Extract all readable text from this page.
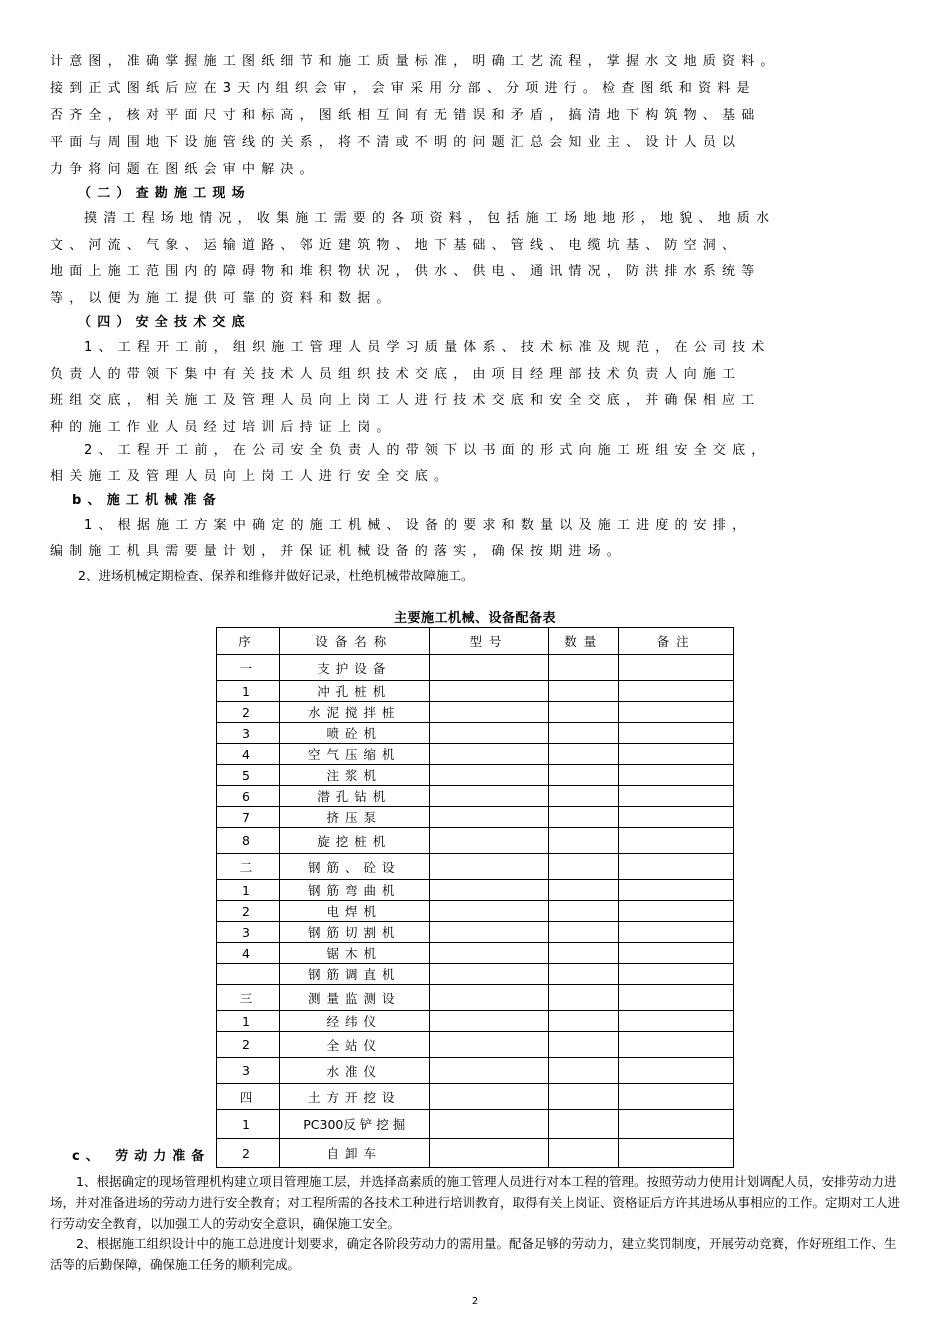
计意图，准确掌握施工图纸细节和施工质量标准，明确工艺流程，掌握水文地质资料。
接到正式图纸后应在3天内组织会审，会审采用分部、分项进行。检查图纸和资料是
否齐全，核对平面尺寸和标高，图纸相互间有无错误和矛盾，搞清地下构筑物、基础
平面与周围地下设施管线的关系，将不清或不明的问题汇总会知业主、设计人员以
力争将问题在图纸会审中解决。
（二）查勘施工现场
摸清工程场地情况，收集施工需要的各项资料，包括施工场地地形，地貌、地质水
文、河流、气象、运输道路、邻近建筑物、地下基础、管线、电缆坑基、防空洞、
地面上施工范围内的障碍物和堆积物状况，供水、供电、通讯情况，防洪排水系统等
等，以便为施工提供可靠的资料和数据。
（四）安全技术交底
1、工程开工前，组织施工管理人员学习质量体系、技术标准及规范，在公司技术
负责人的带领下集中有关技术人员组织技术交底，由项目经理部技术负责人向施工
班组交底，相关施工及管理人员向上岗工人进行技术交底和安全交底，并确保相应工
种的施工作业人员经过培训后持证上岗。
2、工程开工前，在公司安全负责人的带领下以书面的形式向施工班组安全交底，
相关施工及管理人员向上岗工人进行安全交底。
b、施工机械准备
1、根据施工方案中确定的施工机械、设备的要求和数量以及施工进度的安排，
编制施工机具需要量计划，并保证机械设备的落实，确保按期进场。
2、进场机械定期检查、保养和维修并做好记录，杜绝机械带故障施工。
主要施工机械、设备配备表
序	设备名称	型号	数量	备注
一	支护设备			
1	冲孔桩机			
2	水泥搅拌桩			
3	喷砼机			
4	空气压缩机			
5	注浆机			
6	潜孔钻机			
7	挤压泵			
8	旋挖桩机			
二	钢筋、砼设			
1	钢筋弯曲机			
2	电焊机			
3	钢筋切割机			
4	锯木机			
	钢筋调直机			
三	测量监测设			
1	经纬仪			
2	全站仪			
3	水准仪			
四	土方开挖设			
1	PC300反 铲 挖 掘			
2	自卸车			
c、 劳动力准备

1、根据确定的现场管理机构建立项目管理施工层，并选择高素质的施工管理人员进行对本工程的管理。按照劳动力使用计划调配人员，安排劳动力进场，并对准备进场的劳动力进行安全教育；对工程所需的各技术工种进行培训教育，取得有关上岗证、资格证后方许其进场从事相应的工作。定期对工人进行劳动安全教育，以加强工人的劳动安全意识，确保施工安全。

2、根据施工组织设计中的施工总进度计划要求，确定各阶段劳动力的需用量。配备足够的劳动力，建立奖罚制度，开展劳动竞赛，作好班组工作、生活等的后勤保障，确保施工任务的顺利完成。

2
